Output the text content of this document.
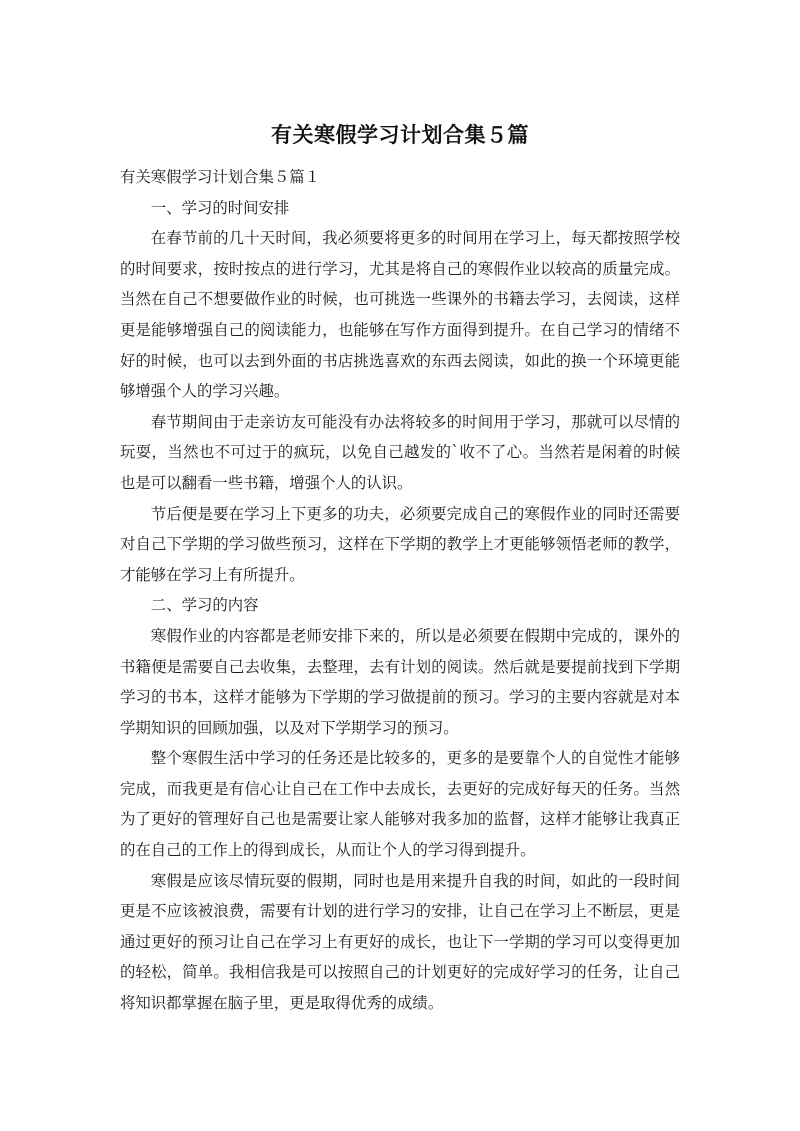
有关寒假学习计划合集５篇

有关寒假学习计划合集５篇１

一、学习的时间安排

在春节前的几十天时间，我必须要将更多的时间用在学习上，每天都按照学校的时间要求，按时按点的进行学习，尤其是将自己的寒假作业以较高的质量完成。当然在自己不想要做作业的时候，也可挑选一些课外的书籍去学习，去阅读，这样更是能够增强自己的阅读能力，也能够在写作方面得到提升。在自己学习的情绪不好的时候，也可以去到外面的书店挑选喜欢的东西去阅读，如此的换一个环境更能够增强个人的学习兴趣。

春节期间由于走亲访友可能没有办法将较多的时间用于学习，那就可以尽情的玩耍，当然也不可过于的疯玩，以免自己越发的`收不了心。当然若是闲着的时候也是可以翻看一些书籍，增强个人的认识。

节后便是要在学习上下更多的功夫，必须要完成自己的寒假作业的同时还需要对自己下学期的学习做些预习，这样在下学期的教学上才更能够领悟老师的教学，才能够在学习上有所提升。

二、学习的内容

寒假作业的内容都是老师安排下来的，所以是必须要在假期中完成的，课外的书籍便是需要自己去收集，去整理，去有计划的阅读。然后就是要提前找到下学期学习的书本，这样才能够为下学期的学习做提前的预习。学习的主要内容就是对本学期知识的回顾加强，以及对下学期学习的预习。

整个寒假生活中学习的任务还是比较多的，更多的是要靠个人的自觉性才能够完成，而我更是有信心让自己在工作中去成长，去更好的完成好每天的任务。当然为了更好的管理好自己也是需要让家人能够对我多加的监督，这样才能够让我真正的在自己的工作上的得到成长，从而让个人的学习得到提升。

寒假是应该尽情玩耍的假期，同时也是用来提升自我的时间，如此的一段时间更是不应该被浪费，需要有计划的进行学习的安排，让自己在学习上不断层，更是通过更好的预习让自己在学习上有更好的成长，也让下一学期的学习可以变得更加的轻松，简单。我相信我是可以按照自己的计划更好的完成好学习的任务，让自己将知识都掌握在脑子里，更是取得优秀的成绩。
